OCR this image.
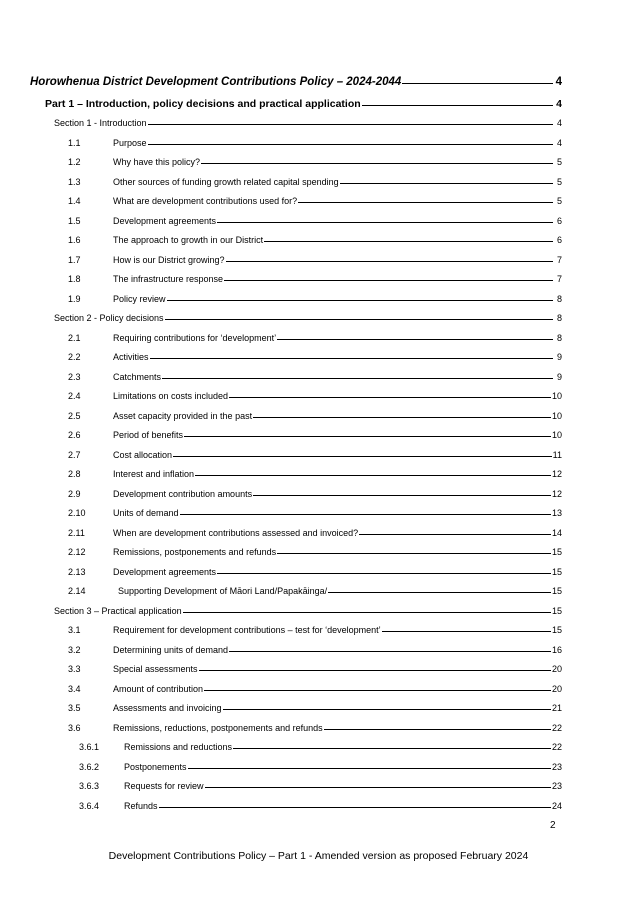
Horowhenua District Development Contributions Policy – 2024-2044	4
Part 1 – Introduction, policy decisions and practical application	4
Section 1 - Introduction	4
1.1	Purpose	4
1.2	Why have this policy?	5
1.3	Other sources of funding growth related capital spending	5
1.4	What are development contributions used for?	5
1.5	Development agreements	6
1.6	The approach to growth in our District	6
1.7	How is our District growing?	7
1.8	The infrastructure response	7
1.9	Policy review	8
Section 2 - Policy decisions	8
2.1	Requiring contributions for ‘development’	8
2.2	Activities	9
2.3	Catchments	9
2.4	Limitations on costs included	10
2.5	Asset capacity provided in the past	10
2.6	Period of benefits	10
2.7	Cost allocation	11
2.8	Interest and inflation	12
2.9	Development contribution amounts	12
2.10	Units of demand	13
2.11	When are development contributions assessed and invoiced?	14
2.12	Remissions, postponements and refunds	15
2.13	Development agreements	15
2.14	Supporting Development of Māori Land/Papakāinga/	15
Section 3 – Practical application	15
3.1	Requirement for development contributions – test for ‘development’	15
3.2	Determining units of demand	16
3.3	Special assessments	20
3.4	Amount of contribution	20
3.5	Assessments and invoicing	21
3.6	Remissions, reductions, postponements and refunds	22
3.6.1	Remissions and reductions	22
3.6.2	Postponements	23
3.6.3	Requests for review	23
3.6.4	Refunds	24
2
Development Contributions Policy – Part 1 - Amended version as proposed February 2024
